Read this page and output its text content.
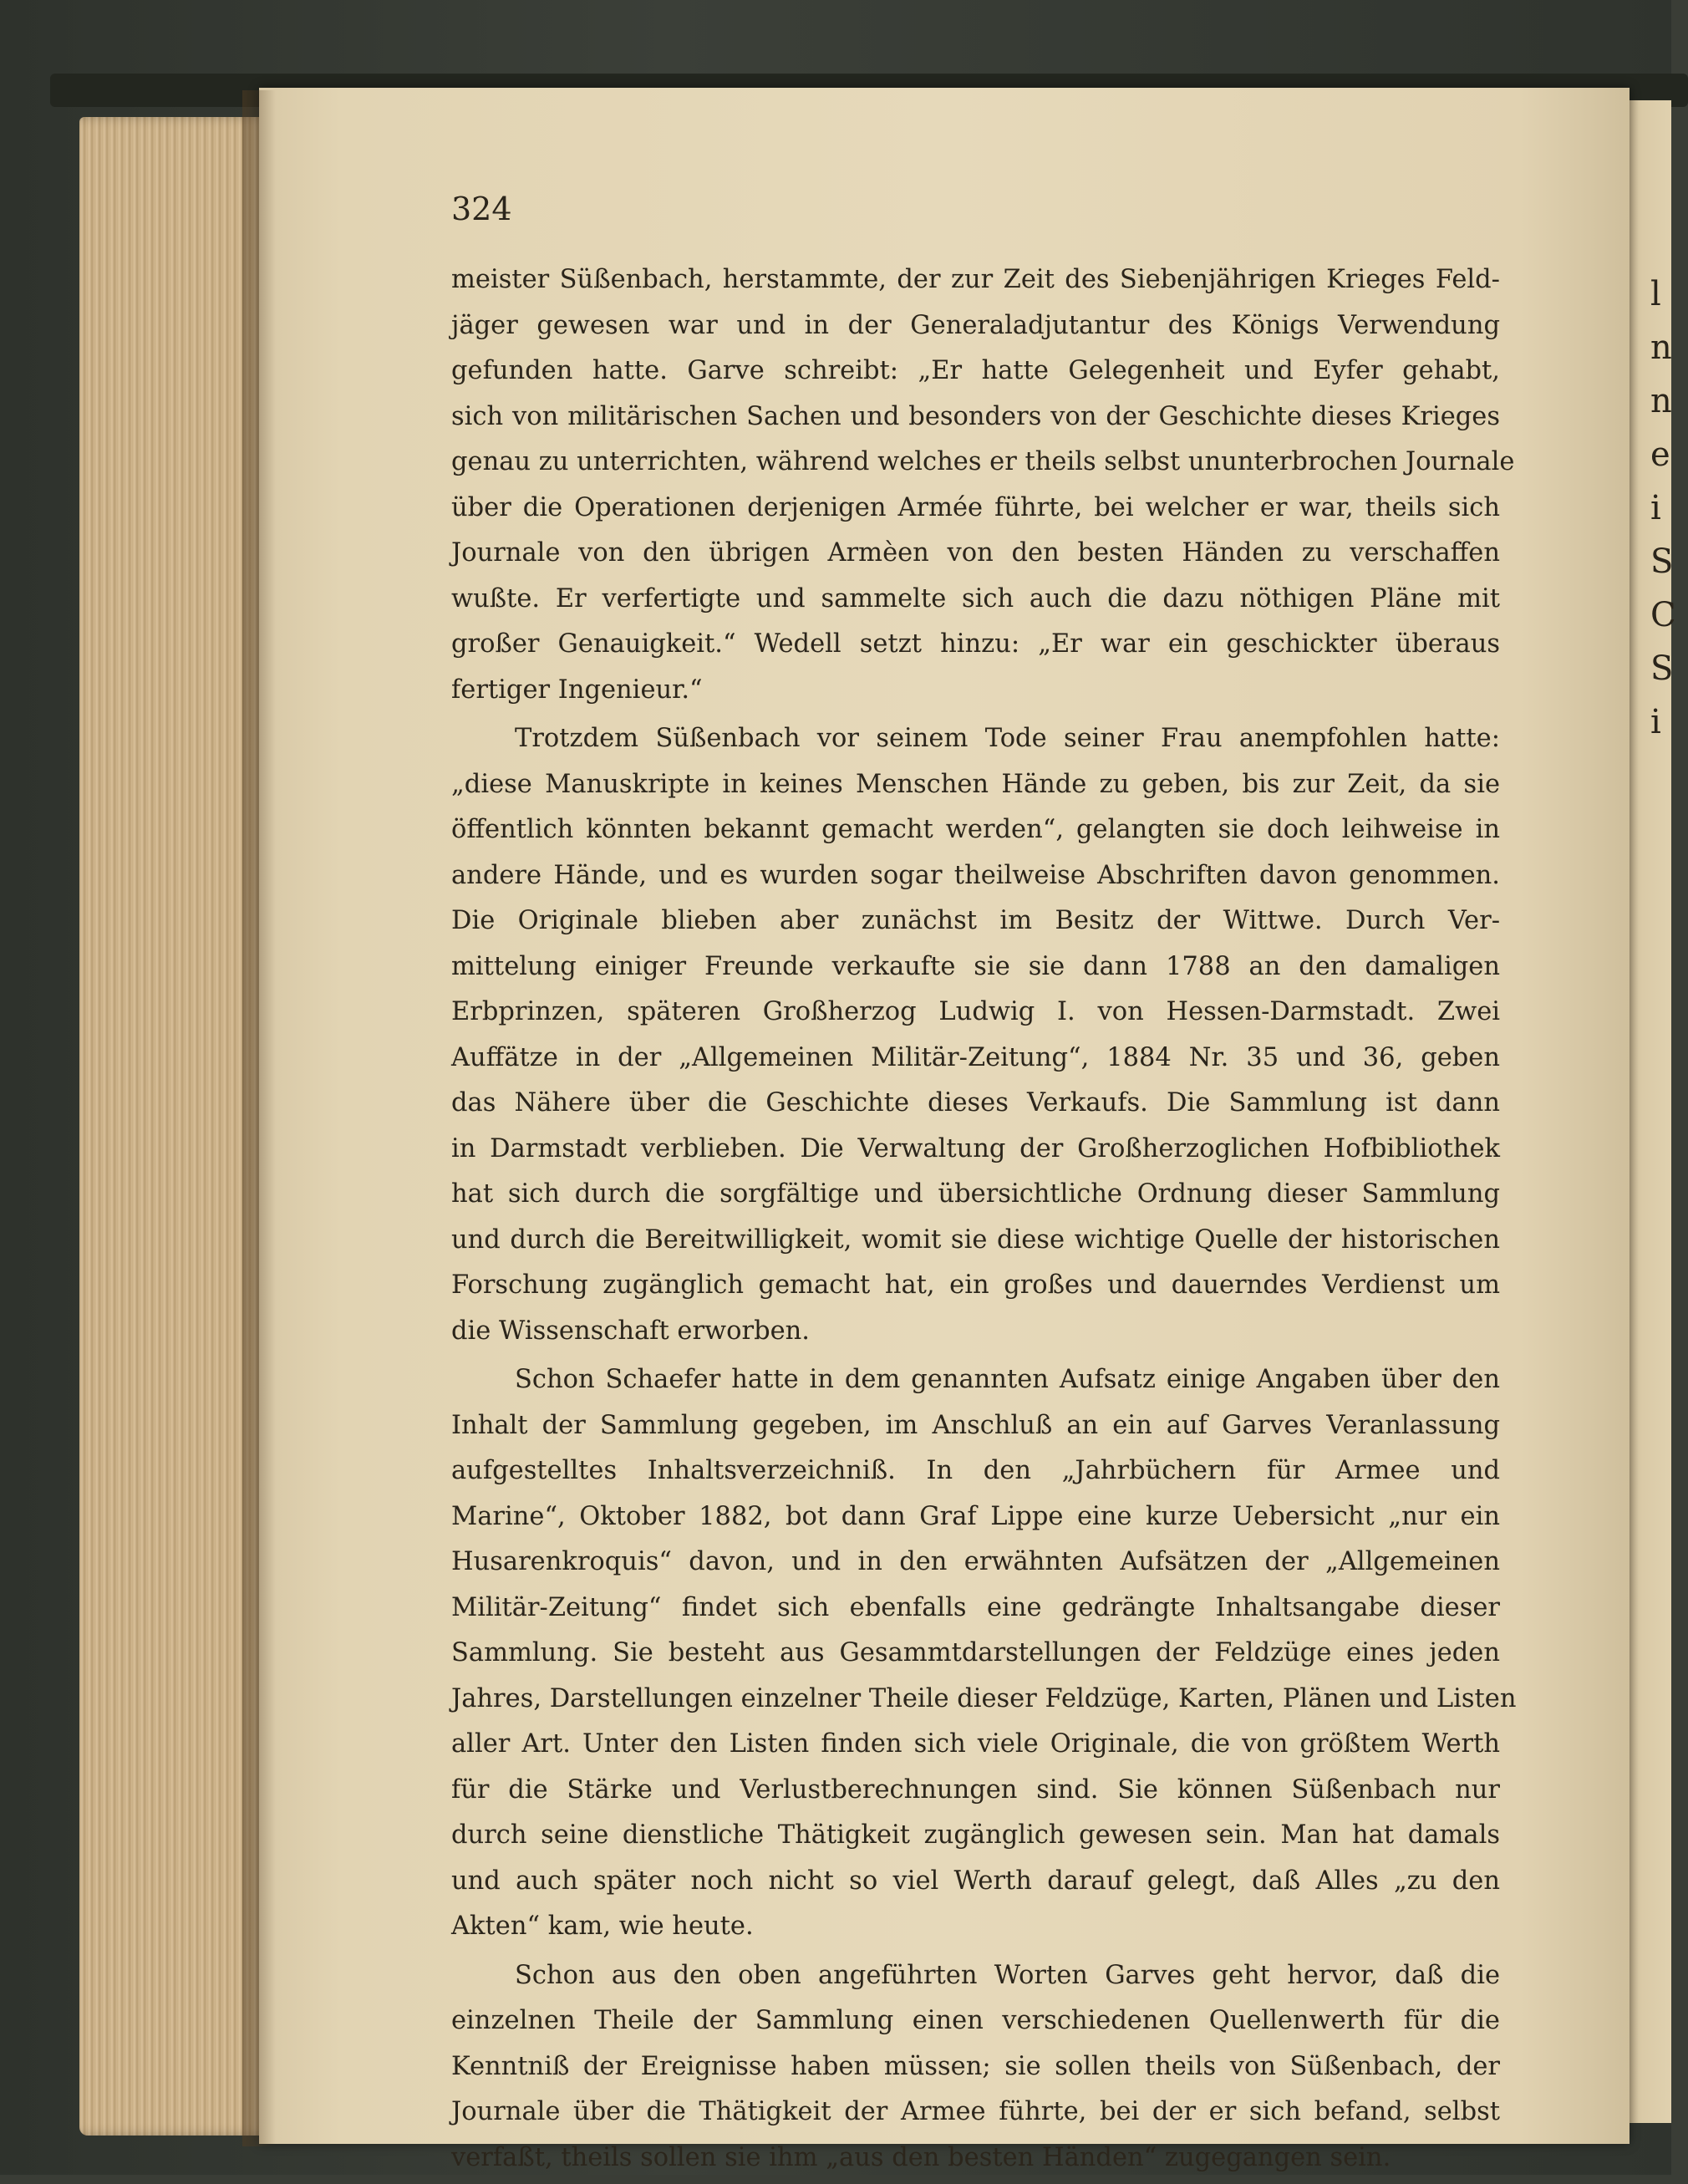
l
n
n
e
i
S
C
S
i

324

meister Süßenbach, herstammte, der zur Zeit des Siebenjährigen Krieges Feld-
jäger gewesen war und in der Generaladjutantur des Königs Verwendung
gefunden hatte. Garve schreibt: „Er hatte Gelegenheit und Eyfer gehabt,
sich von militärischen Sachen und besonders von der Geschichte dieses Krieges
genau zu unterrichten, während welches er theils selbst ununterbrochen Journale
über die Operationen derjenigen Armée führte, bei welcher er war, theils sich
Journale von den übrigen Armèen von den besten Händen zu verschaffen
wußte. Er verfertigte und sammelte sich auch die dazu nöthigen Pläne mit
großer Genauigkeit.“ Wedell setzt hinzu: „Er war ein geschickter überaus
fertiger Ingenieur.“
Trotzdem Süßenbach vor seinem Tode seiner Frau anempfohlen hatte:
„diese Manuskripte in keines Menschen Hände zu geben, bis zur Zeit, da sie
öffentlich könnten bekannt gemacht werden“, gelangten sie doch leihweise in
andere Hände, und es wurden sogar theilweise Abschriften davon genommen.
Die Originale blieben aber zunächst im Besitz der Wittwe. Durch Ver-
mittelung einiger Freunde verkaufte sie sie dann 1788 an den damaligen
Erbprinzen, späteren Großherzog Ludwig I. von Hessen-Darmstadt. Zwei
Auffätze in der „Allgemeinen Militär-Zeitung“, 1884 Nr. 35 und 36, geben
das Nähere über die Geschichte dieses Verkaufs. Die Sammlung ist dann
in Darmstadt verblieben. Die Verwaltung der Großherzoglichen Hofbibliothek
hat sich durch die sorgfältige und übersichtliche Ordnung dieser Sammlung
und durch die Bereitwilligkeit, womit sie diese wichtige Quelle der historischen
Forschung zugänglich gemacht hat, ein großes und dauerndes Verdienst um
die Wissenschaft erworben.
Schon Schaefer hatte in dem genannten Aufsatz einige Angaben über den
Inhalt der Sammlung gegeben, im Anschluß an ein auf Garves Veranlassung
aufgestelltes Inhaltsverzeichniß. In den „Jahrbüchern für Armee und
Marine“, Oktober 1882, bot dann Graf Lippe eine kurze Uebersicht „nur ein
Husarenkroquis“ davon, und in den erwähnten Aufsätzen der „Allgemeinen
Militär-Zeitung“ findet sich ebenfalls eine gedrängte Inhaltsangabe dieser
Sammlung. Sie besteht aus Gesammtdarstellungen der Feldzüge eines jeden
Jahres, Darstellungen einzelner Theile dieser Feldzüge, Karten, Plänen und Listen
aller Art. Unter den Listen finden sich viele Originale, die von größtem Werth
für die Stärke und Verlustberechnungen sind. Sie können Süßenbach nur
durch seine dienstliche Thätigkeit zugänglich gewesen sein. Man hat damals
und auch später noch nicht so viel Werth darauf gelegt, daß Alles „zu den
Akten“ kam, wie heute.
Schon aus den oben angeführten Worten Garves geht hervor, daß die
einzelnen Theile der Sammlung einen verschiedenen Quellenwerth für die
Kenntniß der Ereignisse haben müssen; sie sollen theils von Süßenbach, der
Journale über die Thätigkeit der Armee führte, bei der er sich befand, selbst
verfaßt, theils sollen sie ihm „aus den besten Händen“ zugegangen sein.
